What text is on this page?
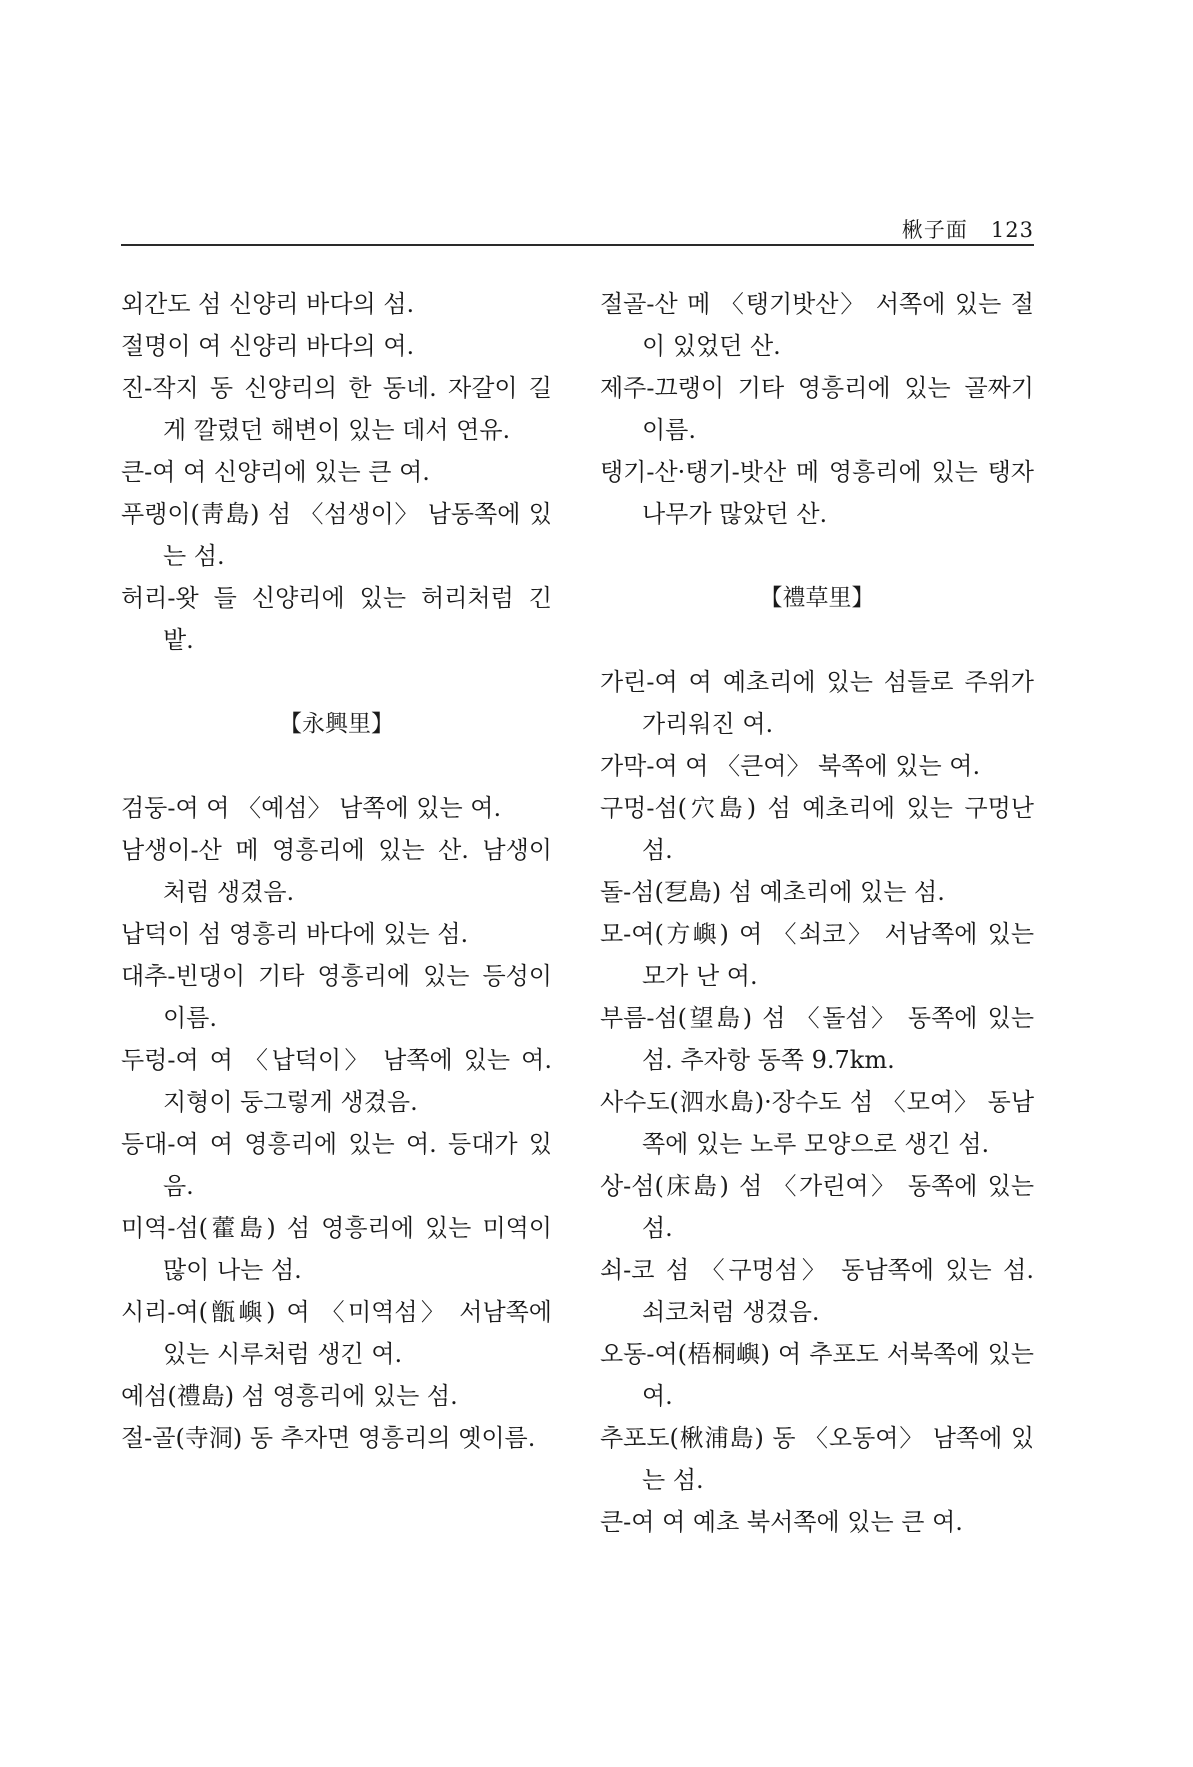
楸子面 123

외간도 섬 신양리 바다의 섬.

절명이 여 신양리 바다의 여.

진-작지 동 신양리의 한 동네. 자갈이 길게 깔렸던 해변이 있는 데서 연유.

큰-여 여 신양리에 있는 큰 여.

푸랭이(靑島) 섬 〈섬생이〉 남동쪽에 있는 섬.

허리-왓 들 신양리에 있는 허리처럼 긴 밭.

【永興里】

검둥-여 여 〈예섬〉 남쪽에 있는 여.

남생이-산 메 영흥리에 있는 산. 남생이 처럼 생겼음.

납덕이 섬 영흥리 바다에 있는 섬.

대추-빈댕이 기타 영흥리에 있는 등성이 이름.

두렁-여 여 〈납덕이〉 남쪽에 있는 여. 지형이 둥그렇게 생겼음.

등대-여 여 영흥리에 있는 여. 등대가 있음.

미역-섬(藿島) 섬 영흥리에 있는 미역이 많이 나는 섬.

시리-여(甑嶼) 여 〈미역섬〉 서남쪽에 있는 시루처럼 생긴 여.

예섬(禮島) 섬 영흥리에 있는 섬.

절-골(寺洞) 동 추자면 영흥리의 옛이름.

절골-산 메 〈탱기밧산〉 서쪽에 있는 절이 있었던 산.

제주-끄랭이 기타 영흥리에 있는 골짜기 이름.

탱기-산·탱기-밧산 메 영흥리에 있는 탱자나무가 많았던 산.

【禮草里】

가린-여 여 예초리에 있는 섬들로 주위가 가리워진 여.

가막-여 여 〈큰여〉 북쪽에 있는 여.

구멍-섬(穴島) 섬 예초리에 있는 구멍난 섬.

돌-섬(乭島) 섬 예초리에 있는 섬.

모-여(方嶼) 여 〈쇠코〉 서남쪽에 있는 모가 난 여.

부름-섬(望島) 섬 〈돌섬〉 동쪽에 있는 섬. 추자항 동쪽 9.7km.

사수도(泗水島)·장수도 섬 〈모여〉 동남쪽에 있는 노루 모양으로 생긴 섬.

상-섬(床島) 섬 〈가린여〉 동쪽에 있는 섬.

쇠-코 섬 〈구멍섬〉 동남쪽에 있는 섬. 쇠코처럼 생겼음.

오동-여(梧桐嶼) 여 추포도 서북쪽에 있는 여.

추포도(楸浦島) 동 〈오동여〉 남쪽에 있는 섬.

큰-여 여 예초 북서쪽에 있는 큰 여.
